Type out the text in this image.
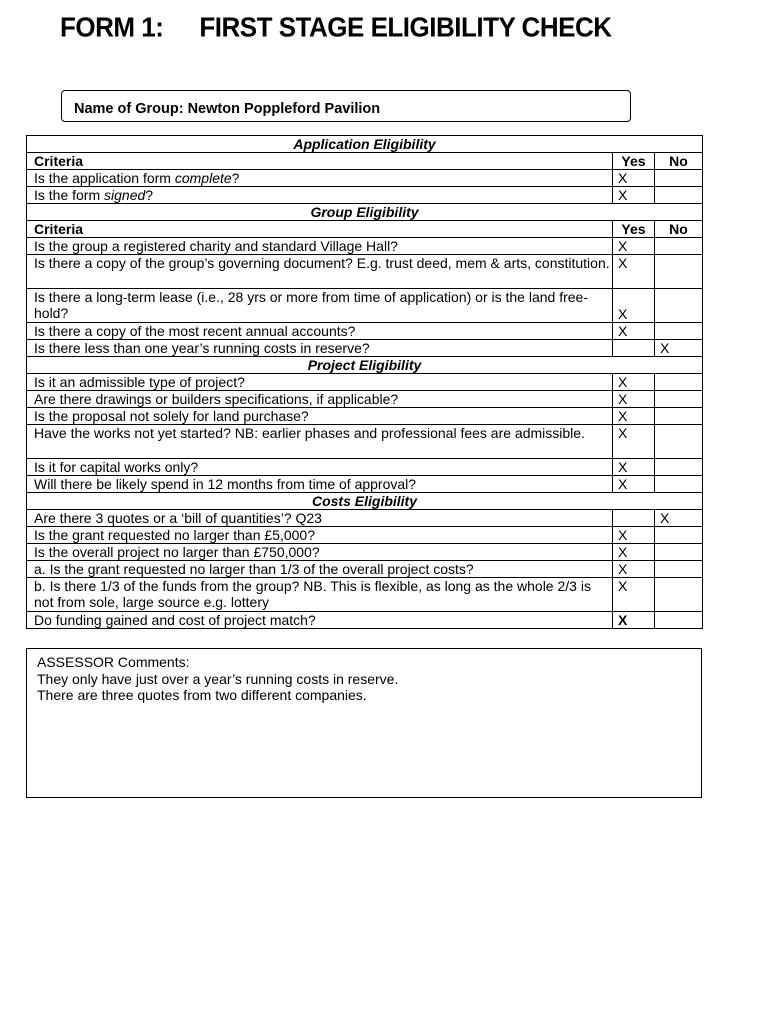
FORM 1: FIRST STAGE ELIGIBILITY CHECK
Name of Group: Newton Poppleford Pavilion
Application Eligibility		
Criteria	Yes	No
Is the application form complete?	X	
Is the form signed?	X	
Group Eligibility		
Criteria	Yes	No
Is the group a registered charity and standard Village Hall?	X	
Is there a copy of the group’s governing document? E.g. trust deed, mem & arts, constitution.	X	
Is there a long-term lease (i.e., 28 yrs or more from time of application) or is the land free-hold?	X	
Is there a copy of the most recent annual accounts?	X	
Is there less than one year’s running costs in reserve?		X
Project Eligibility		
Is it an admissible type of project?	X	
Are there drawings or builders specifications, if applicable?	X	
Is the proposal not solely for land purchase?	X	
Have the works not yet started? NB: earlier phases and professional fees are admissible.	X	
Is it for capital works only?	X	
Will there be likely spend in 12 months from time of approval?	X	
Costs Eligibility		
Are there 3 quotes or a ‘bill of quantities’? Q23		X
Is the grant requested no larger than £5,000?	X	
Is the overall project no larger than £750,000?	X	
a. Is the grant requested no larger than 1/3 of the overall project costs?	X	
b. Is there 1/3 of the funds from the group? NB. This is flexible, as long as the whole 2/3 is not from sole, large source e.g. lottery	X	
Do funding gained and cost of project match?	X	
ASSESSOR Comments:
They only have just over a year’s running costs in reserve.
There are three quotes from two different companies.
